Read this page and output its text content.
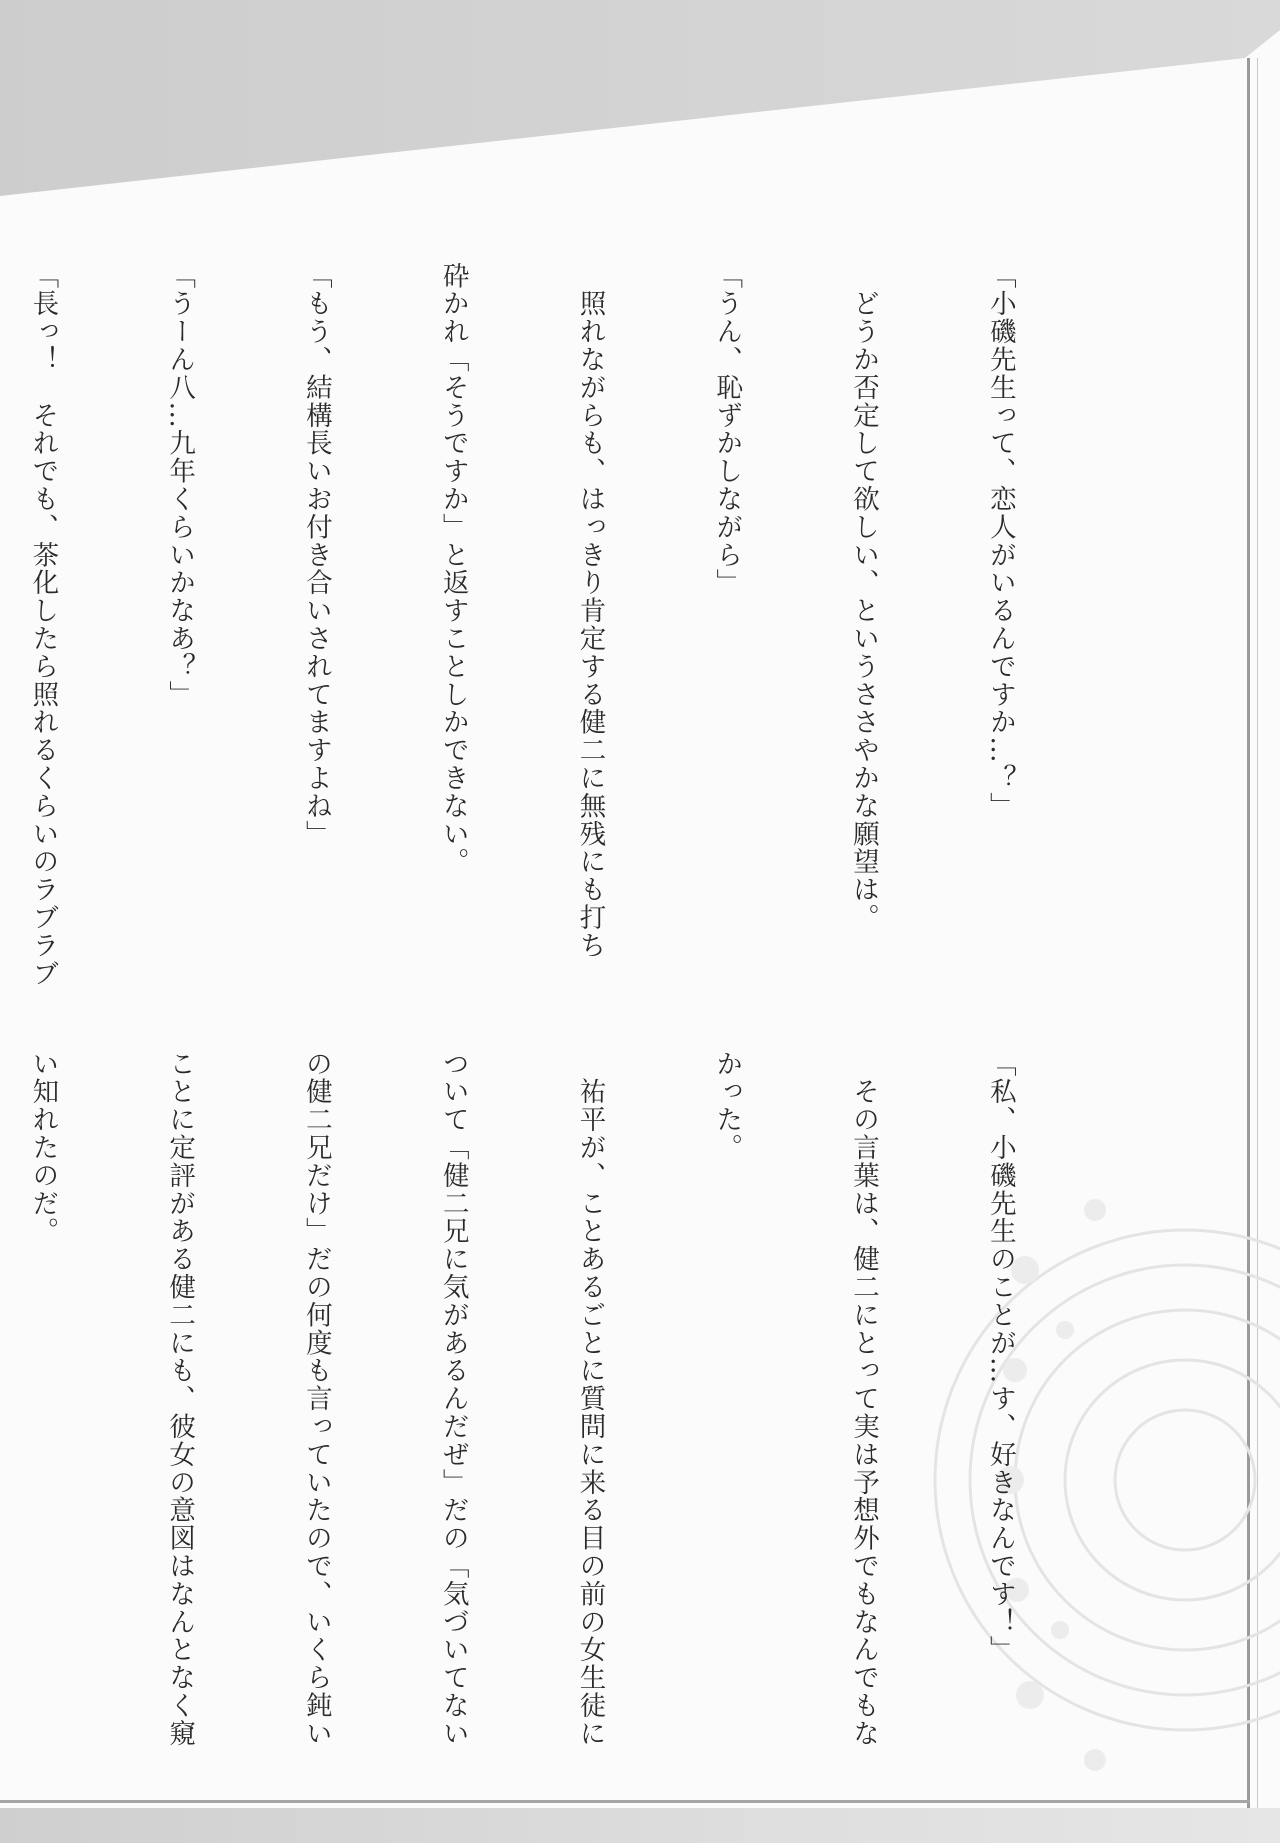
「小磯先生って、恋人がいるんですか…？」

　どうか否定して欲しい、というささやかな願望は。

「うん、恥ずかしながら」

　照れながらも、はっきり肯定する健二に無残にも打ち

砕かれ「そうですか」と返すことしかできない。

「もう、結構長いお付き合いされてますよね」

「うーん八…九年くらいかなあ？」

「長っ！　それでも、茶化したら照れるくらいのラブラブ

「私、小磯先生のことが…す、好きなんです！」

　その言葉は、健二にとって実は予想外でもなんでもな

かった。

　祐平が、ことあるごとに質問に来る目の前の女生徒に

ついて「健二兄に気があるんだぜ」だの「気づいてない

の健二兄だけ」だの何度も言っていたので、いくら鈍い

ことに定評がある健二にも、彼女の意図はなんとなく窺

い知れたのだ。
